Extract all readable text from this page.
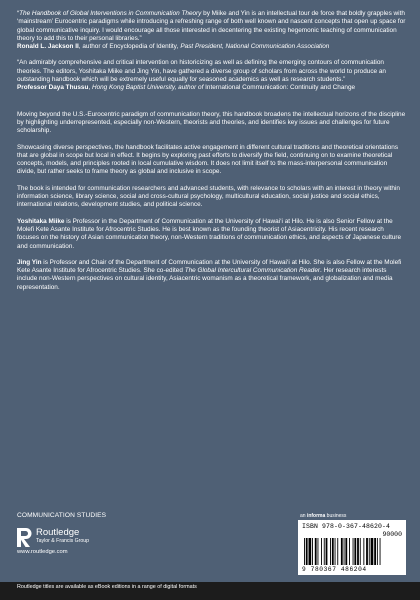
“The Handbook of Global Interventions in Communication Theory by Miike and Yin is an intellectual tour de force that boldly grapples with ‘mainstream’ Eurocentric paradigms while introducing a refreshing range of both well known and nascent concepts that open up space for global communicative inquiry. I would encourage all those interested in decentering the existing hegemonic teaching of communication theory to add this to their personal libraries.”

Ronald L. Jackson II, author of Encyclopedia of Identity, Past President, National Communication Association

“An admirably comprehensive and critical intervention on historicizing as well as defining the emerging contours of communication theories. The editors, Yoshitaka Miike and Jing Yin, have gathered a diverse group of scholars from across the world to produce an outstanding handbook which will be extremely useful equally for seasoned academics as well as research students.”

Professor Daya Thussu, Hong Kong Baptist University, author of International Communication: Continuity and Change

Moving beyond the U.S.-Eurocentric paradigm of communication theory, this handbook broadens the intellectual horizons of the discipline by highlighting underrepresented, especially non-Western, theorists and theories, and identifies key issues and challenges for future scholarship.

Showcasing diverse perspectives, the handbook facilitates active engagement in different cultural traditions and theoretical orientations that are global in scope but local in effect. It begins by exploring past efforts to diversify the field, continuing on to examine theoretical concepts, models, and principles rooted in local cumulative wisdom. It does not limit itself to the mass-interpersonal communication divide, but rather seeks to frame theory as global and inclusive in scope.

The book is intended for communication researchers and advanced students, with relevance to scholars with an interest in theory within information science, library science, social and cross-cultural psychology, multicultural education, social justice and social ethics, international relations, development studies, and political science.

Yoshitaka Miike is Professor in the Department of Communication at the University of Hawai‘i at Hilo. He is also Senior Fellow at the Molefi Kete Asante Institute for Afrocentric Studies. He is best known as the founding theorist of Asiacentricity. His recent research focuses on the history of Asian communication theory, non-Western traditions of communication ethics, and aspects of Japanese culture and communication.

Jing Yin is Professor and Chair of the Department of Communication at the University of Hawai‘i at Hilo. She is also Fellow at the Molefi Kete Asante Institute for Afrocentric Studies. She co-edited The Global Intercultural Communication Reader. Her research interests include non-Western perspectives on cultural identity, Asiacentric womanism as a theoretical framework, and globalization and media representation.

COMMUNICATION STUDIES
Routledge
Taylor & Francis Group
www.routledge.com
an informa business
ISBN 978-0-367-48620-4
90000
9 780367 486204
Routledge titles are available as eBook editions in a range of digital formats
